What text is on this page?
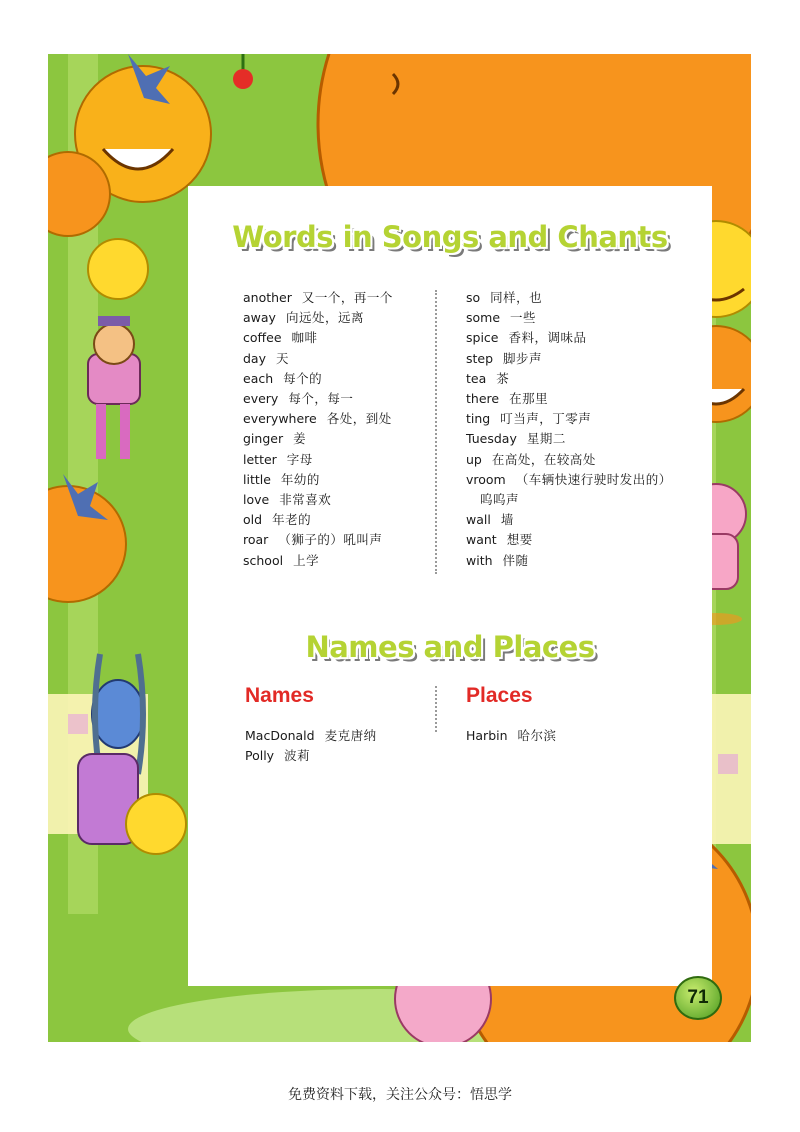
Words in Songs and Chants
another 又一个，再一个
away 向远处，远离
coffee 咖啡
day 天
each 每个的
every 每个，每一
everywhere 各处，到处
ginger 姜
letter 字母
little 年幼的
love 非常喜欢
old 年老的
roar （狮子的）吼叫声
school 上学
so 同样，也
some 一些
spice 香料，调味品
step 脚步声
tea 茶
there 在那里
ting 叮当声，丁零声
Tuesday 星期二
up 在高处，在较高处
vroom （车辆快速行驶时发出的）
呜呜声
wall 墙
want 想要
with 伴随
Names and Places
Names	Places
MacDonald 麦克唐纳
Polly 波莉
Harbin 哈尔滨
71
免费资料下载，关注公众号：悟思学
